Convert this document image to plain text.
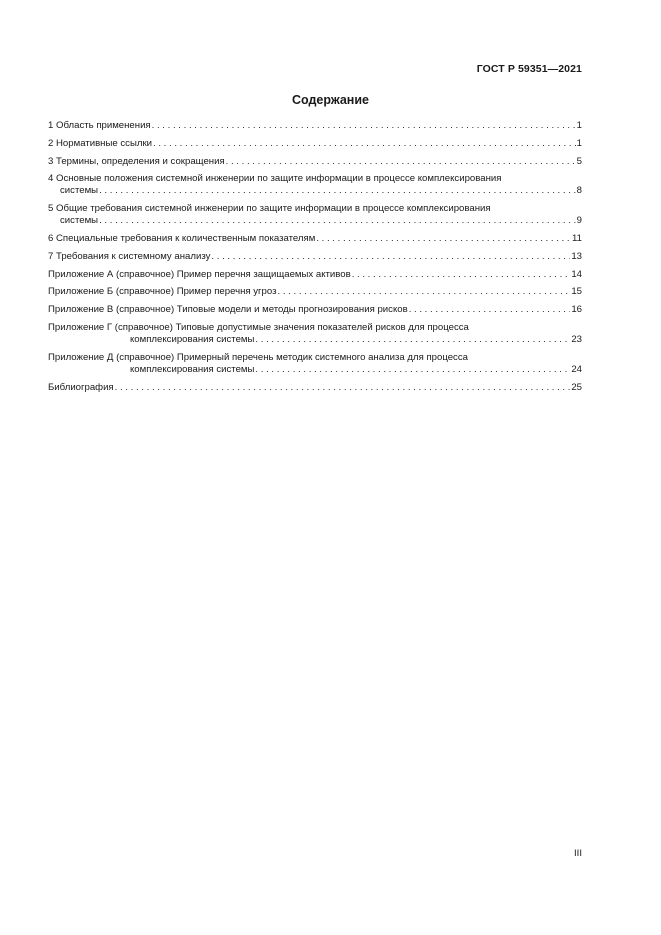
ГОСТ Р 59351—2021
Содержание
1 Область применения . . .	1
2 Нормативные ссылки . . .	1
3 Термины, определения и сокращения . . .	5
4 Основные положения системной инженерии по защите информации в процессе комплексирования
системы . . .	8
5 Общие требования системной инженерии по защите информации в процессе комплексирования
системы . . .	9
6 Специальные требования к количественным показателям . . .	11
7 Требования к системному анализу . . .	13
Приложение А (справочное) Пример перечня защищаемых активов . . .	14
Приложение Б (справочное) Пример перечня угроз . . .	15
Приложение В (справочное) Типовые модели и методы прогнозирования рисков . . .	16
Приложение Г (справочное) Типовые допустимые значения показателей рисков для процесса
комплексирования системы . . .	23
Приложение Д (справочное) Примерный перечень методик системного анализа для процесса
комплексирования системы . . .	24
Библиография . . .	25
III
